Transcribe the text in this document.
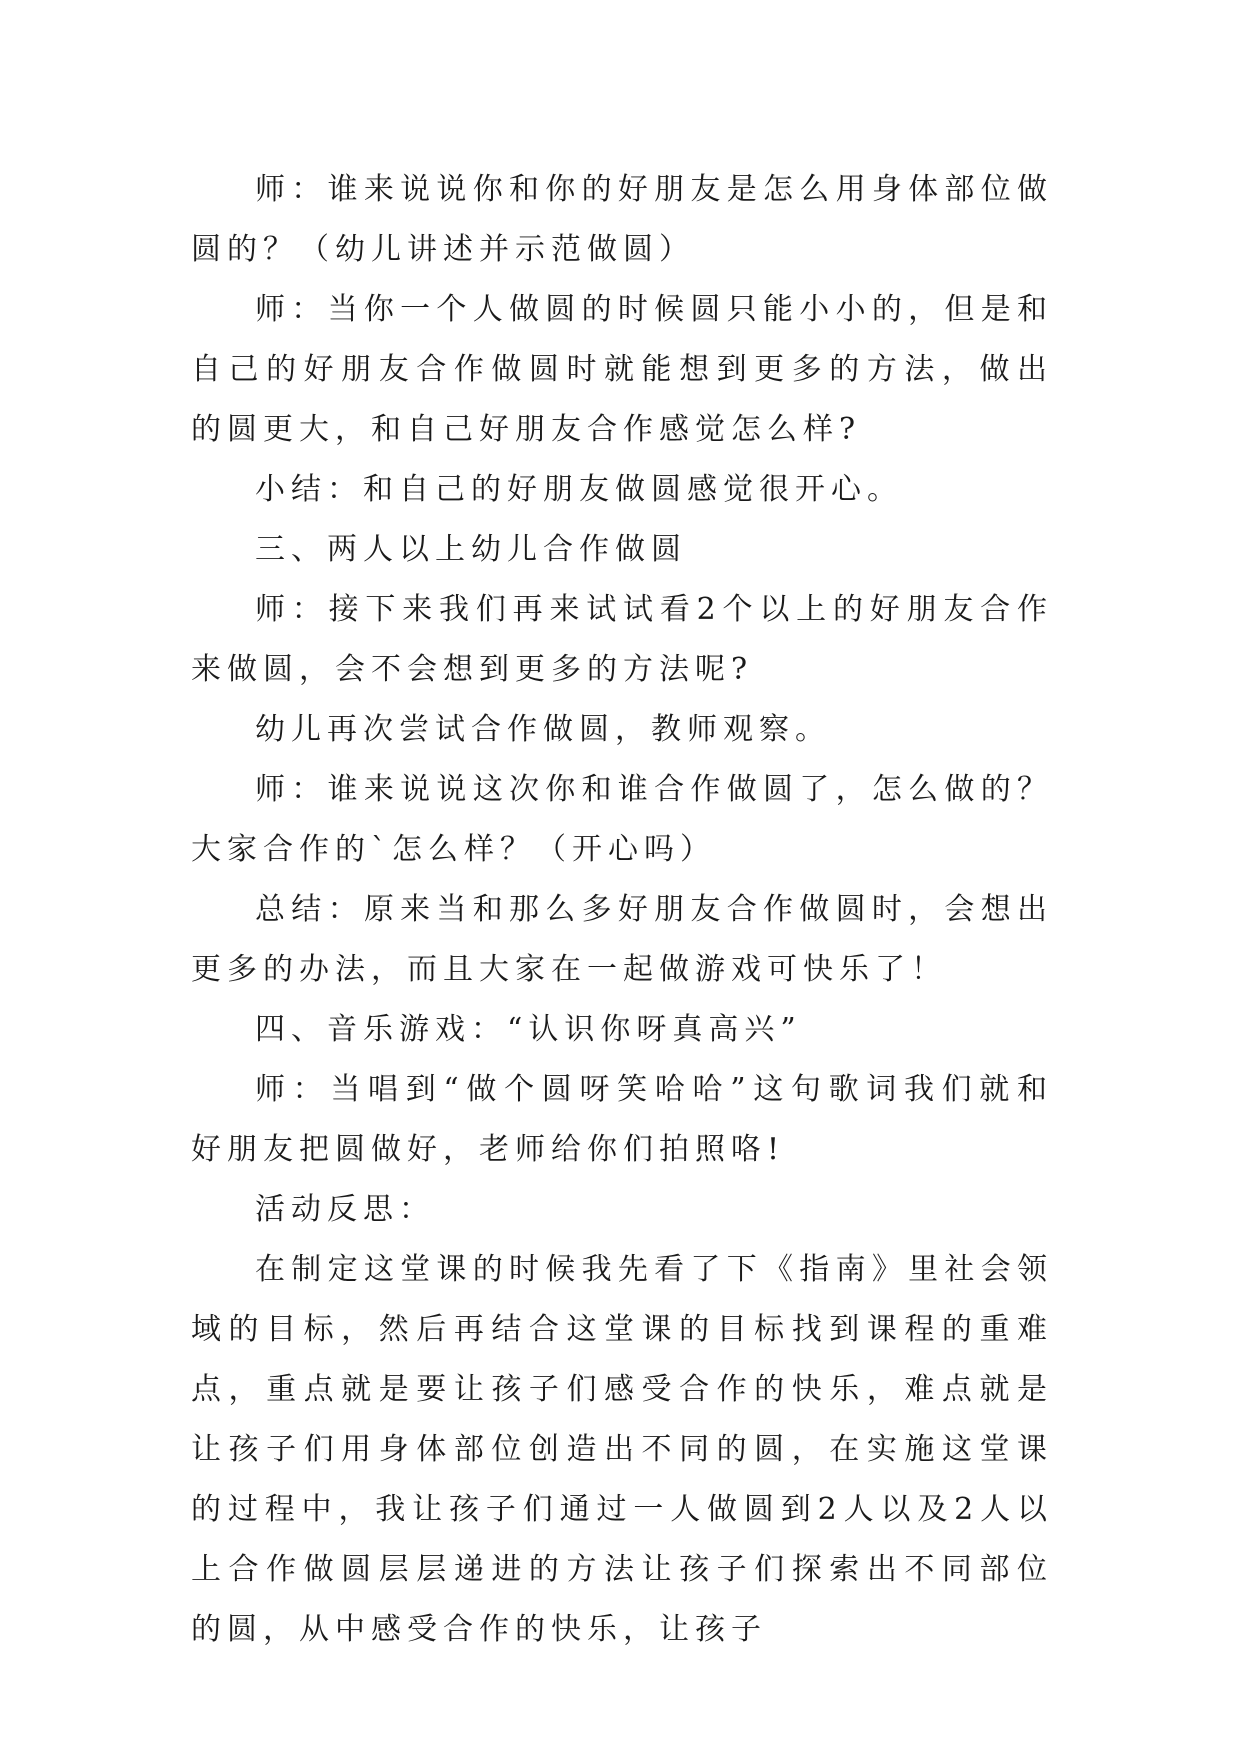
师：谁来说说你和你的好朋友是怎么用身体部位做圆的？（幼儿讲述并示范做圆）

师：当你一个人做圆的时候圆只能小小的，但是和自己的好朋友合作做圆时就能想到更多的方法，做出的圆更大，和自己好朋友合作感觉怎么样?

小结：和自己的好朋友做圆感觉很开心。

三、两人以上幼儿合作做圆

师：接下来我们再来试试看2个以上的好朋友合作来做圆，会不会想到更多的方法呢?

幼儿再次尝试合作做圆，教师观察。

师：谁来说说这次你和谁合作做圆了，怎么做的？大家合作的`怎么样？（开心吗）

总结：原来当和那么多好朋友合作做圆时，会想出更多的办法，而且大家在一起做游戏可快乐了！

四、音乐游戏：“认识你呀真高兴”

师：当唱到“做个圆呀笑哈哈”这句歌词我们就和好朋友把圆做好，老师给你们拍照咯!

活动反思：

在制定这堂课的时候我先看了下《指南》里社会领域的目标，然后再结合这堂课的目标找到课程的重难点，重点就是要让孩子们感受合作的快乐，难点就是让孩子们用身体部位创造出不同的圆，在实施这堂课的过程中，我让孩子们通过一人做圆到2人以及2人以上合作做圆层层递进的方法让孩子们探索出不同部位的圆，从中感受合作的快乐，让孩子
